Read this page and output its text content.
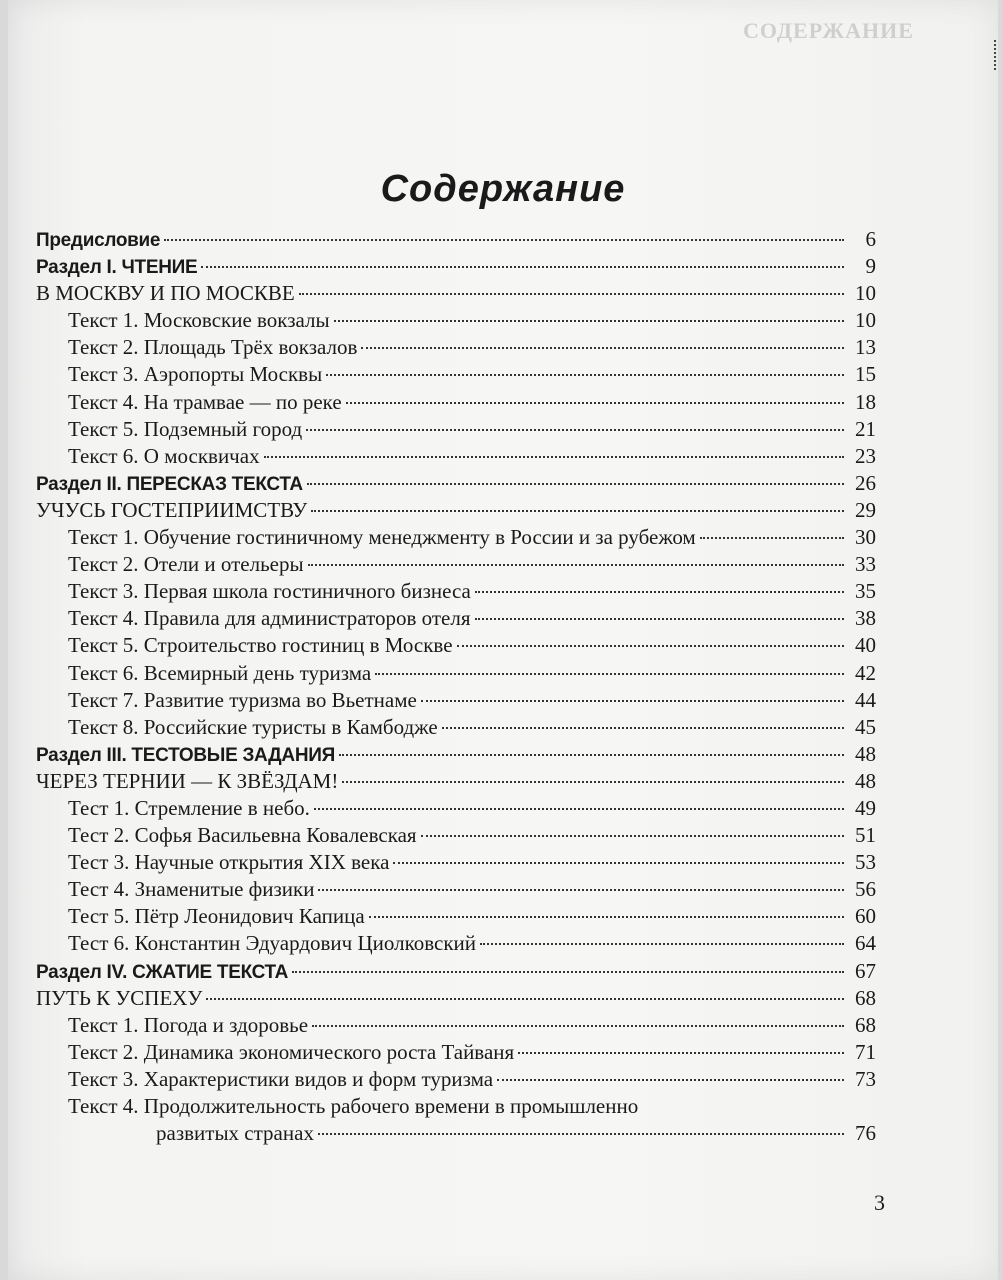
СОДЕРЖАНИЕ
Содержание
Предисловие	6
Раздел I. ЧТЕНИЕ	9
В МОСКВУ И ПО МОСКВЕ	10
Текст 1. Московские вокзалы	10
Текст 2. Площадь Трёх вокзалов	13
Текст 3. Аэропорты Москвы	15
Текст 4. На трамвае — по реке	18
Текст 5. Подземный город	21
Текст 6. О москвичах	23
Раздел II. ПЕРЕСКАЗ ТЕКСТА	26
УЧУСЬ ГОСТЕПРИИМСТВУ	29
Текст 1. Обучение гостиничному менеджменту в России и за рубежом	30
Текст 2. Отели и отельеры	33
Текст 3. Первая школа гостиничного бизнеса	35
Текст 4. Правила для администраторов отеля	38
Текст 5. Строительство гостиниц в Москве	40
Текст 6. Всемирный день туризма	42
Текст 7. Развитие туризма во Вьетнаме	44
Текст 8. Российские туристы в Камбодже	45
Раздел III. ТЕСТОВЫЕ ЗАДАНИЯ	48
ЧЕРЕЗ ТЕРНИИ — К ЗВЁЗДАМ!	48
Тест 1. Стремление в небо.	49
Тест 2. Софья Васильевна Ковалевская	51
Тест 3. Научные открытия XIX века	53
Тест 4. Знаменитые физики	56
Тест 5. Пётр Леонидович Капица	60
Тест 6. Константин Эдуардович Циолковский	64
Раздел IV. СЖАТИЕ ТЕКСТА	67
ПУТЬ К УСПЕХУ	68
Текст 1. Погода и здоровье	68
Текст 2. Динамика экономического роста Тайваня	71
Текст 3. Характеристики видов и форм туризма	73
Текст 4. Продолжительность рабочего времени в промышленно
развитых странах	76
3
